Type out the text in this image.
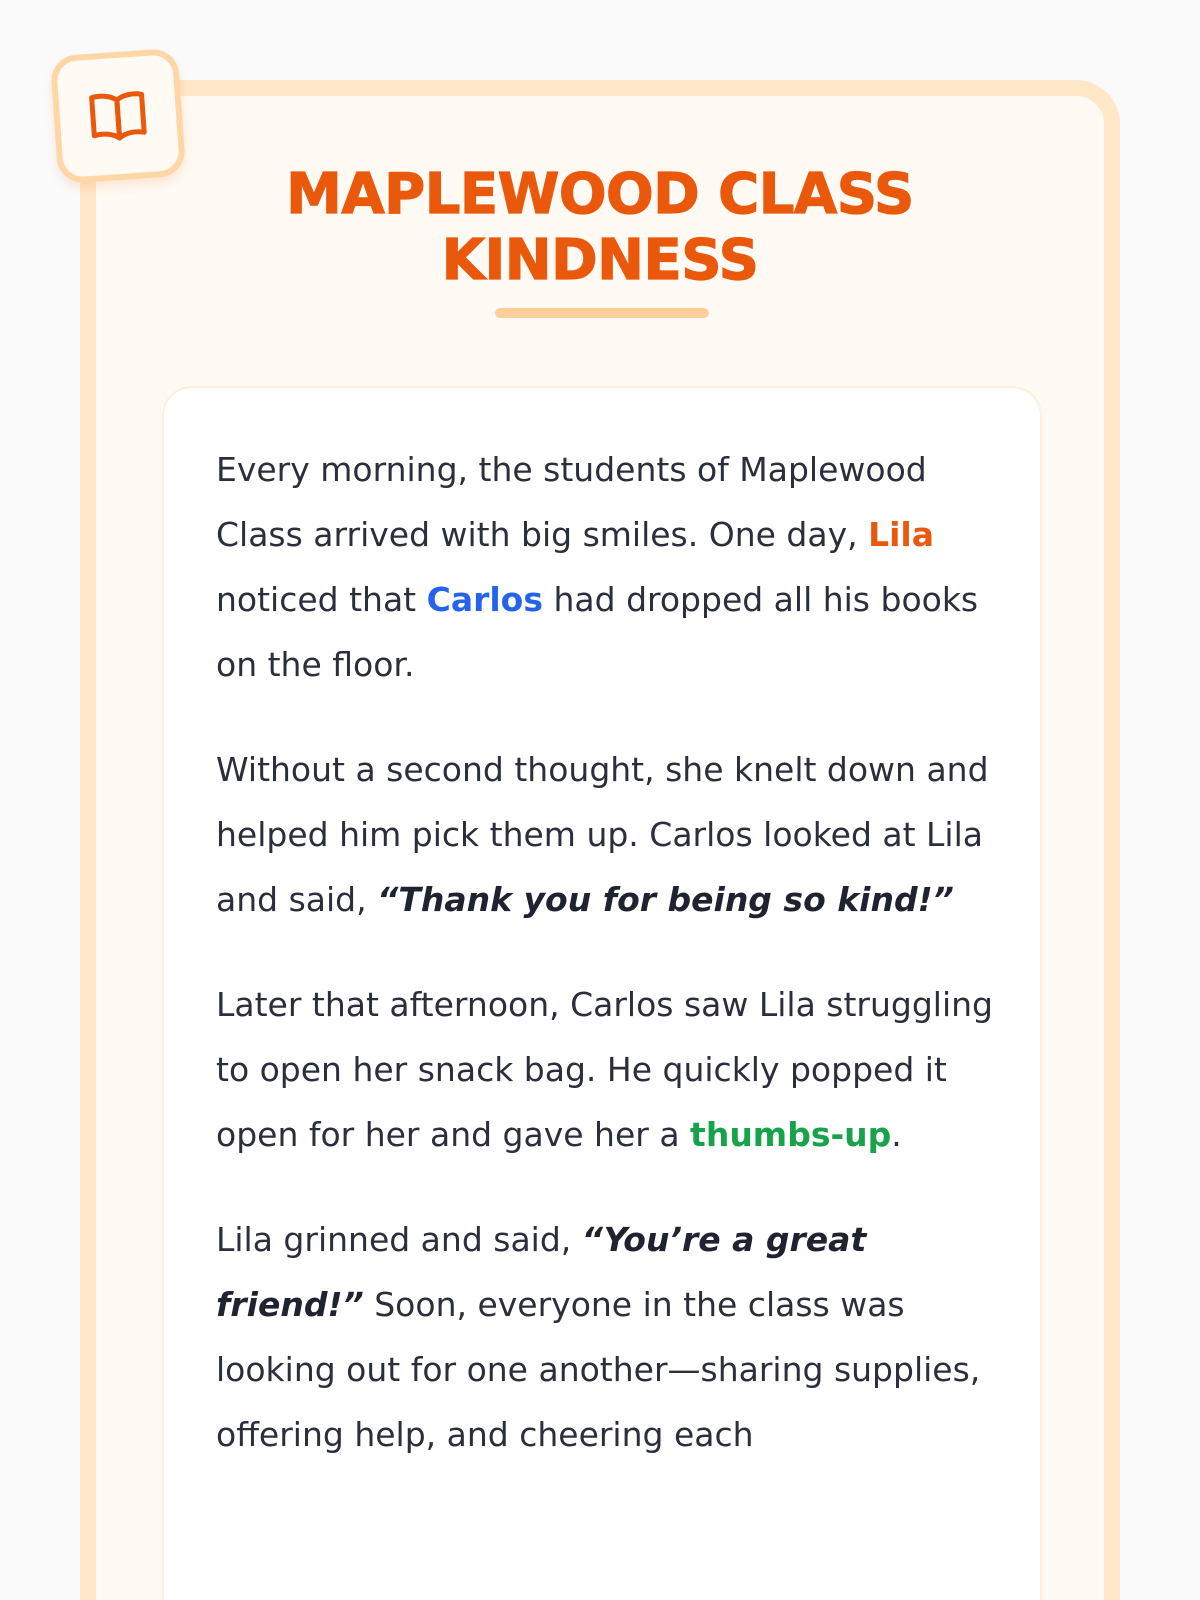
MAPLEWOOD CLASS KINDNESS

Every morning, the students of Maplewood Class arrived with big smiles. One day, Lila noticed that Carlos had dropped all his books on the floor.

Without a second thought, she knelt down and helped him pick them up. Carlos looked at Lila and said, “Thank you for being so kind!”

Later that afternoon, Carlos saw Lila struggling to open her snack bag. He quickly popped it open for her and gave her a thumbs-up.

Lila grinned and said, “You’re a great friend!” Soon, everyone in the class was looking out for one another—sharing supplies, offering help, and cheering each
